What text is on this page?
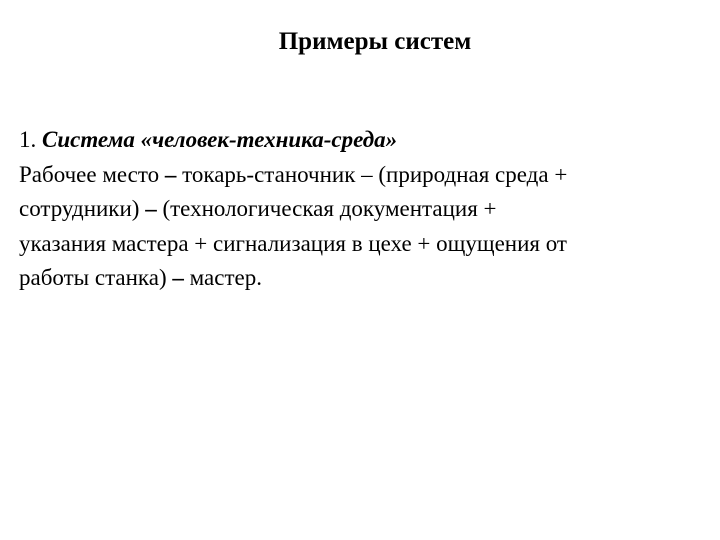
Примеры систем
1. Система «человек-техника-среда»
Рабочее место – токарь-станочник – (природная среда +
сотрудники) – (технологическая документация +
указания мастера + сигнализация в цехе + ощущения от
работы станка) – мастер.
